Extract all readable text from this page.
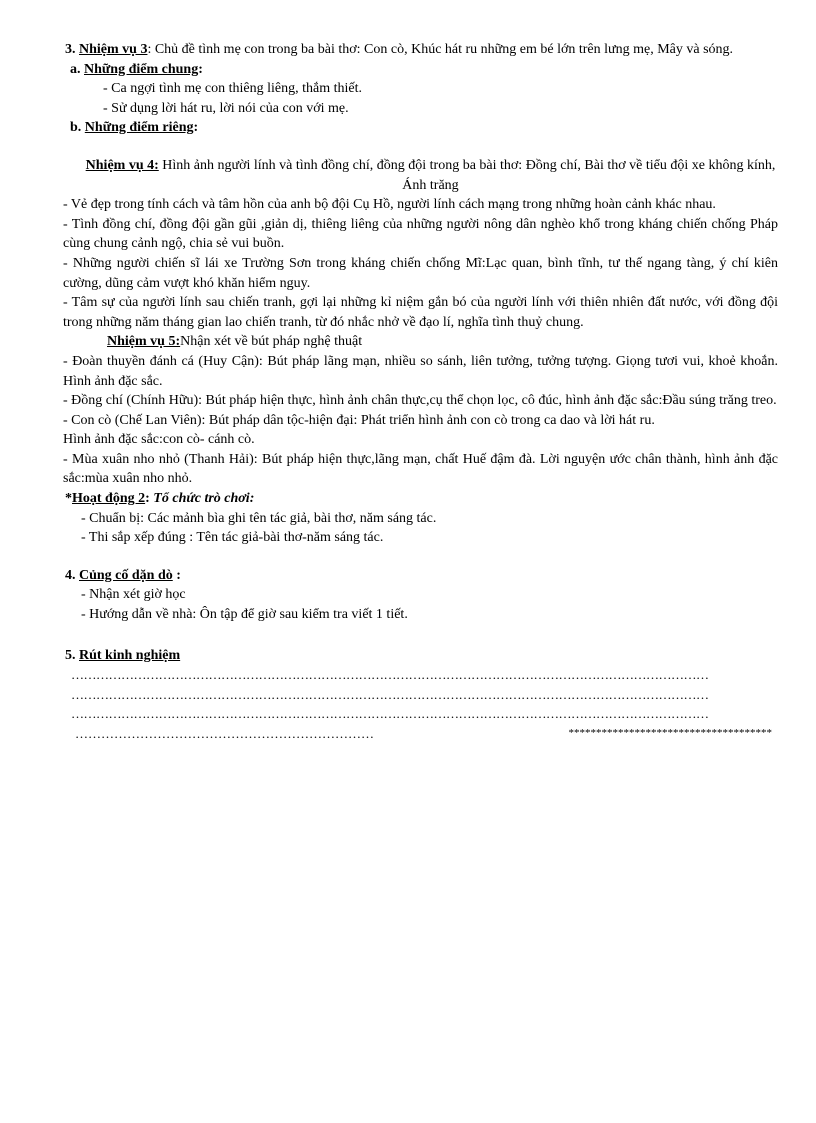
3. Nhiệm vụ 3: Chủ đề tình mẹ con trong ba bài thơ: Con cò, Khúc hát ru những em bé lớn trên lưng mẹ, Mây và sóng.

a. Những điểm chung:

- Ca ngợi tình mẹ con thiêng liêng, thắm thiết.

- Sử dụng lời hát ru, lời nói của con với mẹ.

b. Những điểm riêng:

Nhiệm vụ 4: Hình ảnh người lính và tình đồng chí, đồng đội trong ba bài thơ: Đồng chí, Bài thơ về tiểu đội xe không kính, Ánh trăng

- Vẻ đẹp trong tính cách và tâm hồn của anh bộ đội Cụ Hồ, người lính cách mạng trong những hoàn cảnh khác nhau.

- Tình đồng chí, đồng đội gần gũi ,giản dị, thiêng liêng của những người nông dân nghèo khổ trong kháng chiến chống Pháp cùng chung cảnh ngộ, chia sẻ vui buồn.

- Những người chiến sĩ lái xe Trường Sơn trong kháng chiến chống Mĩ:Lạc quan, bình tĩnh, tư thế ngang tàng, ý chí kiên cường, dũng cảm vượt khó khăn hiểm nguy.

- Tâm sự của người lính sau chiến tranh, gợi lại những kỉ niệm gắn bó của người lính với thiên nhiên đất nước, với đồng đội trong những năm tháng gian lao chiến tranh, từ đó nhắc nhở về đạo lí, nghĩa tình thuỷ chung.

Nhiệm vụ 5:Nhận xét về bút pháp nghệ thuật

- Đoàn thuyền đánh cá (Huy Cận): Bút pháp lãng mạn, nhiều so sánh, liên tưởng, tưởng tượng. Giọng tươi vui, khoẻ khoắn. Hình ảnh đặc sắc.

- Đồng chí (Chính Hữu): Bút pháp hiện thực, hình ảnh chân thực,cụ thể chọn lọc, cô đúc, hình ảnh đặc sắc:Đầu súng trăng treo.

- Con cò (Chế Lan Viên): Bút pháp dân tộc-hiện đại: Phát triển hình ảnh con cò trong ca dao và lời hát ru.

Hình ảnh đặc sắc:con cò- cánh cò.

- Mùa xuân nho nhỏ (Thanh Hải): Bút pháp hiện thực,lãng mạn, chất Huế đậm đà. Lời nguyện ước chân thành, hình ảnh đặc sắc:mùa xuân nho nhỏ.

*Hoạt động 2: Tổ chức trò chơi:

- Chuẩn bị: Các mảnh bìa ghi tên tác giả, bài thơ, năm sáng tác.

- Thi sắp xếp đúng : Tên tác giả-bài thơ-năm sáng tác.

4. Củng cố dặn dò :

- Nhận xét giờ học

- Hướng dẫn về nhà: Ôn tập để giờ sau kiểm tra viết 1 tiết.

5. Rút kinh nghiệm

………………………………………………………………………………………………………………………………………

………………………………………………………………………………………………………………………………………

………………………………………………………………………………………………………………………………………

……………………………………………………………	*************************************
